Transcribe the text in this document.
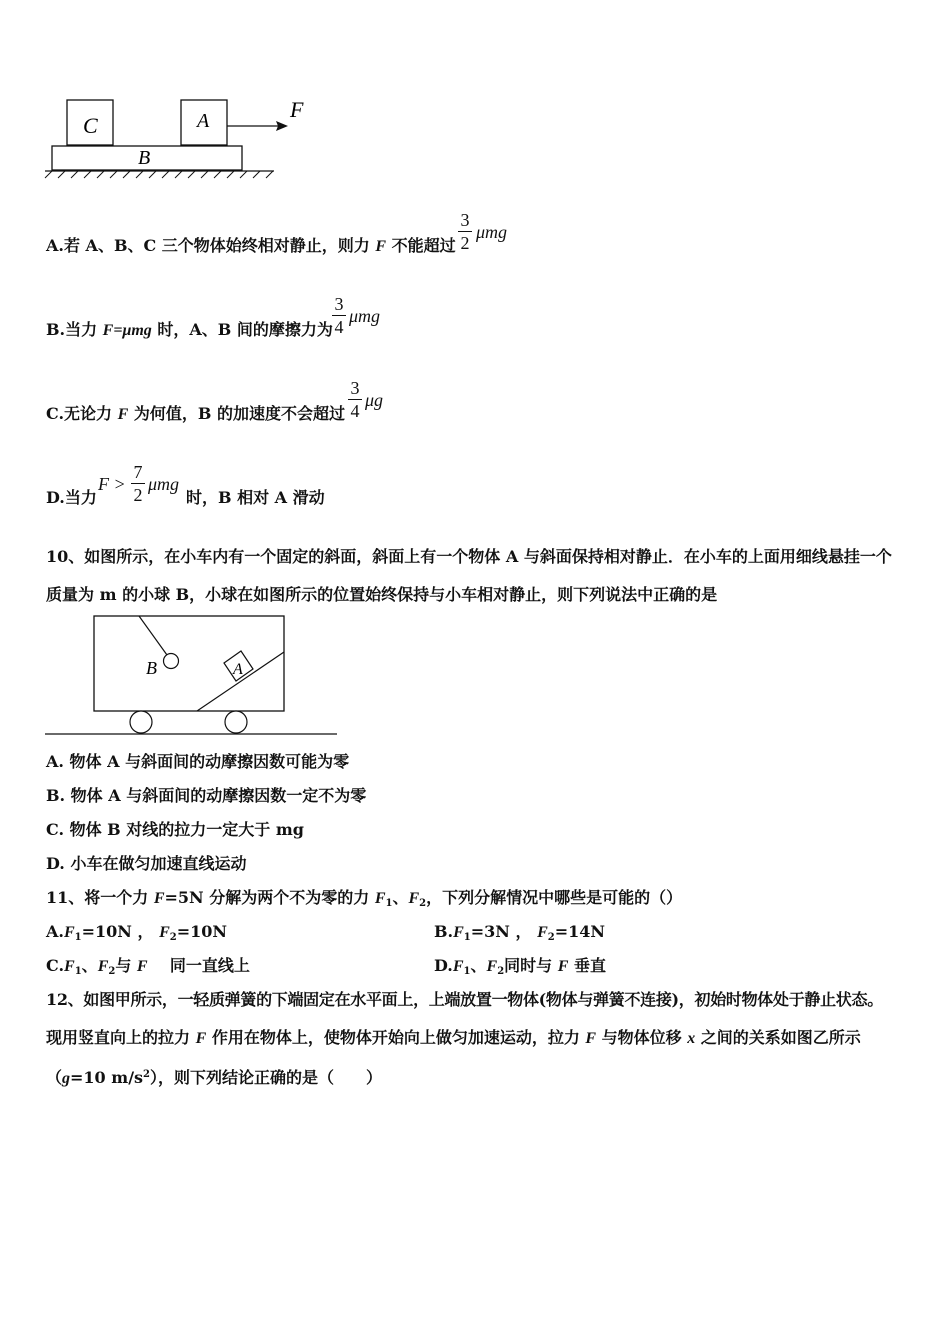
C	A
B
F
A.若 A、B、C 三个物体始终相对静止，则力 F 不能超过
3
2
μmg
B.当力 F=μmg 时，A、B 间的摩擦力为
3
4
μmg
C.无论力 F 为何值，B 的加速度不会超过
3
4
μg
D.当力
F >
7
2
μmg
时，B 相对 A 滑动
10、如图所示，在小车内有一个固定的斜面，斜面上有一个物体 A 与斜面保持相对静止．在小车的上面用细线悬挂一个
质量为 m 的小球 B，小球在如图所示的位置始终保持与小车相对静止，则下列说法中正确的是
B	A
A. 物体 A 与斜面间的动摩擦因数可能为零
B. 物体 A 与斜面间的动摩擦因数一定不为零
C. 物体 B 对线的拉力一定大于 mg
D. 小车在做匀加速直线运动
11、将一个力 F=5N 分解为两个不为零的力 $F_1$、$F_2$，下列分解情况中哪些是可能的（）
$A.F_1=10N$ ， $F_2=10N$	$B.F_1=3N$ ， $F_2=14N$
$C.F_1$、$F_2$与 F    同一直线上	$D.F_1$、$F_2$同时与 F 垂直
12、如图甲所示，一轻质弹簧的下端固定在水平面上，上端放置一物体(物体与弹簧不连接)，初始时物体处于静止状态。
现用竖直向上的拉力 F 作用在物体上，使物体开始向上做匀加速运动，拉力 F 与物体位移 x 之间的关系如图乙所示
（g=10 $m/s^2$），则下列结论正确的是（　　）
